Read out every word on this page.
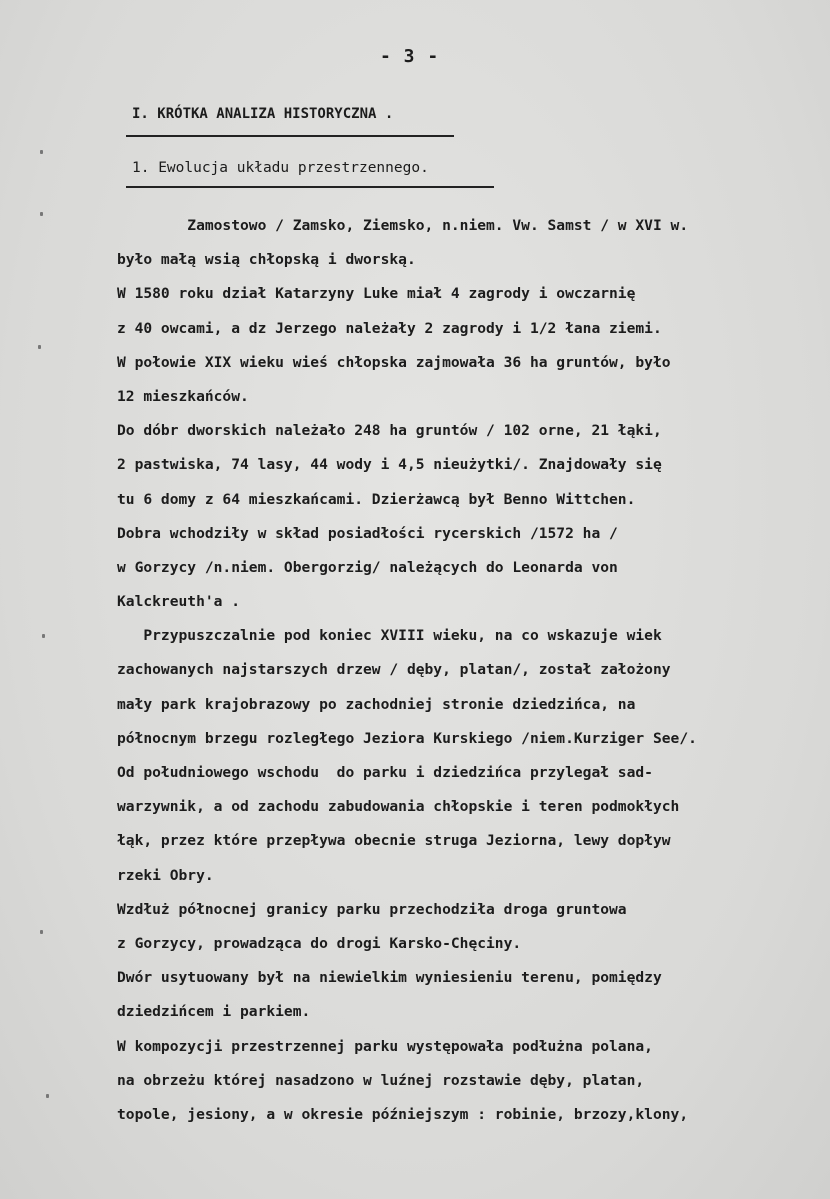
- 3 -
I. KRÓTKA ANALIZA HISTORYCZNA .
1. Ewolucja układu przestrzennego.
Zamostowo / Zamsko, Ziemsko, n.niem. Vw. Samst / w XVI w.
było małą wsią chłopską i dworską.
W 1580 roku dział Katarzyny Luke miał 4 zagrody i owczarnię
z 40 owcami, a dz Jerzego należały 2 zagrody i 1/2 łana ziemi.
W połowie XIX wieku wieś chłopska zajmowała 36 ha gruntów, było
12 mieszkańców.
Do dóbr dworskich należało 248 ha gruntów / 102 orne, 21 łąki,
2 pastwiska, 74 lasy, 44 wody i 4,5 nieużytki/. Znajdowały się
tu 6 domy z 64 mieszkańcami. Dzierżawcą był Benno Wittchen.
Dobra wchodziły w skład posiadłości rycerskich /1572 ha /
w Gorzycy /n.niem. Obergorzig/ należących do Leonarda von
Kalckreuth'a .
Przypuszczalnie pod koniec XVIII wieku, na co wskazuje wiek
zachowanych najstarszych drzew / dęby, platan/, został założony
mały park krajobrazowy po zachodniej stronie dziedzińca, na
północnym brzegu rozległego Jeziora Kurskiego /niem.Kurziger See/.
Od południowego wschodu  do parku i dziedzińca przylegał sad-
warzywnik, a od zachodu zabudowania chłopskie i teren podmokłych
łąk, przez które przepływa obecnie struga Jeziorna, lewy dopływ
rzeki Obry.
Wzdłuż północnej granicy parku przechodziła droga gruntowa
z Gorzycy, prowadząca do drogi Karsko-Chęciny.
Dwór usytuowany był na niewielkim wyniesieniu terenu, pomiędzy
dziedzińcem i parkiem.
W kompozycji przestrzennej parku występowała podłużna polana,
na obrzeżu której nasadzono w luźnej rozstawie dęby, platan,
topole, jesiony, a w okresie późniejszym : robinie, brzozy,klony,
